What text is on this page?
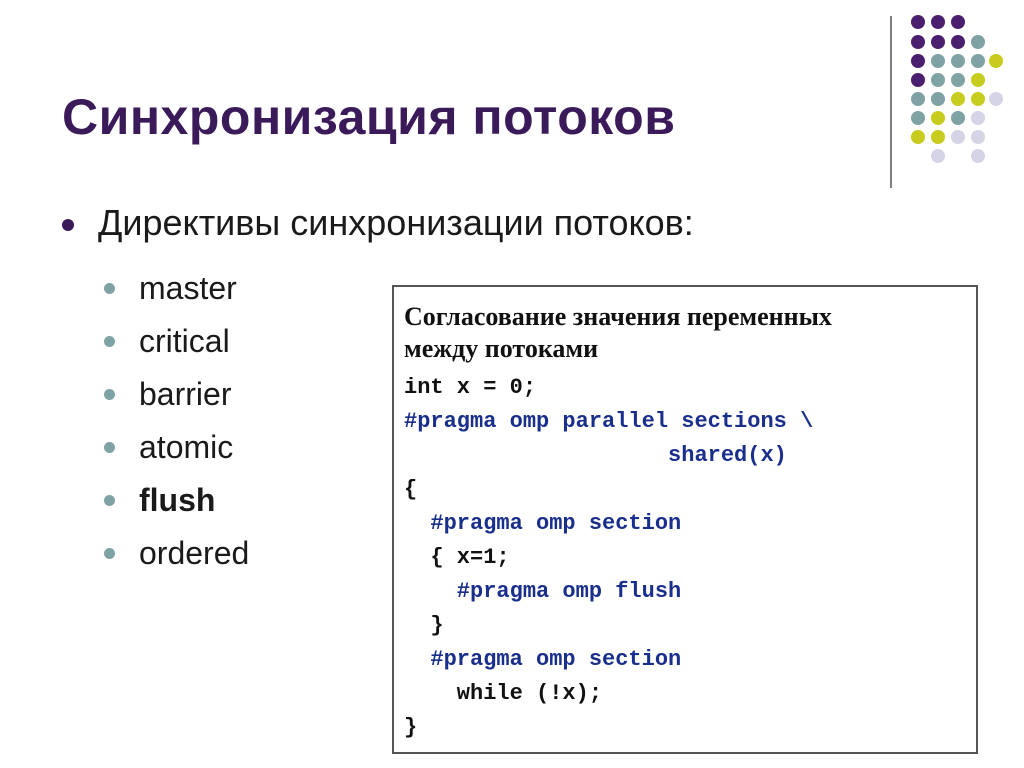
Синхронизация потоков
Директивы синхронизации потоков:
master
critical
barrier
atomic
flush
ordered
Согласование значения переменных
между потоками
int x = 0;
#pragma omp parallel sections \
shared(x)
{
#pragma omp section
{ x=1;
#pragma omp flush
}
#pragma omp section
while (!x);
}
